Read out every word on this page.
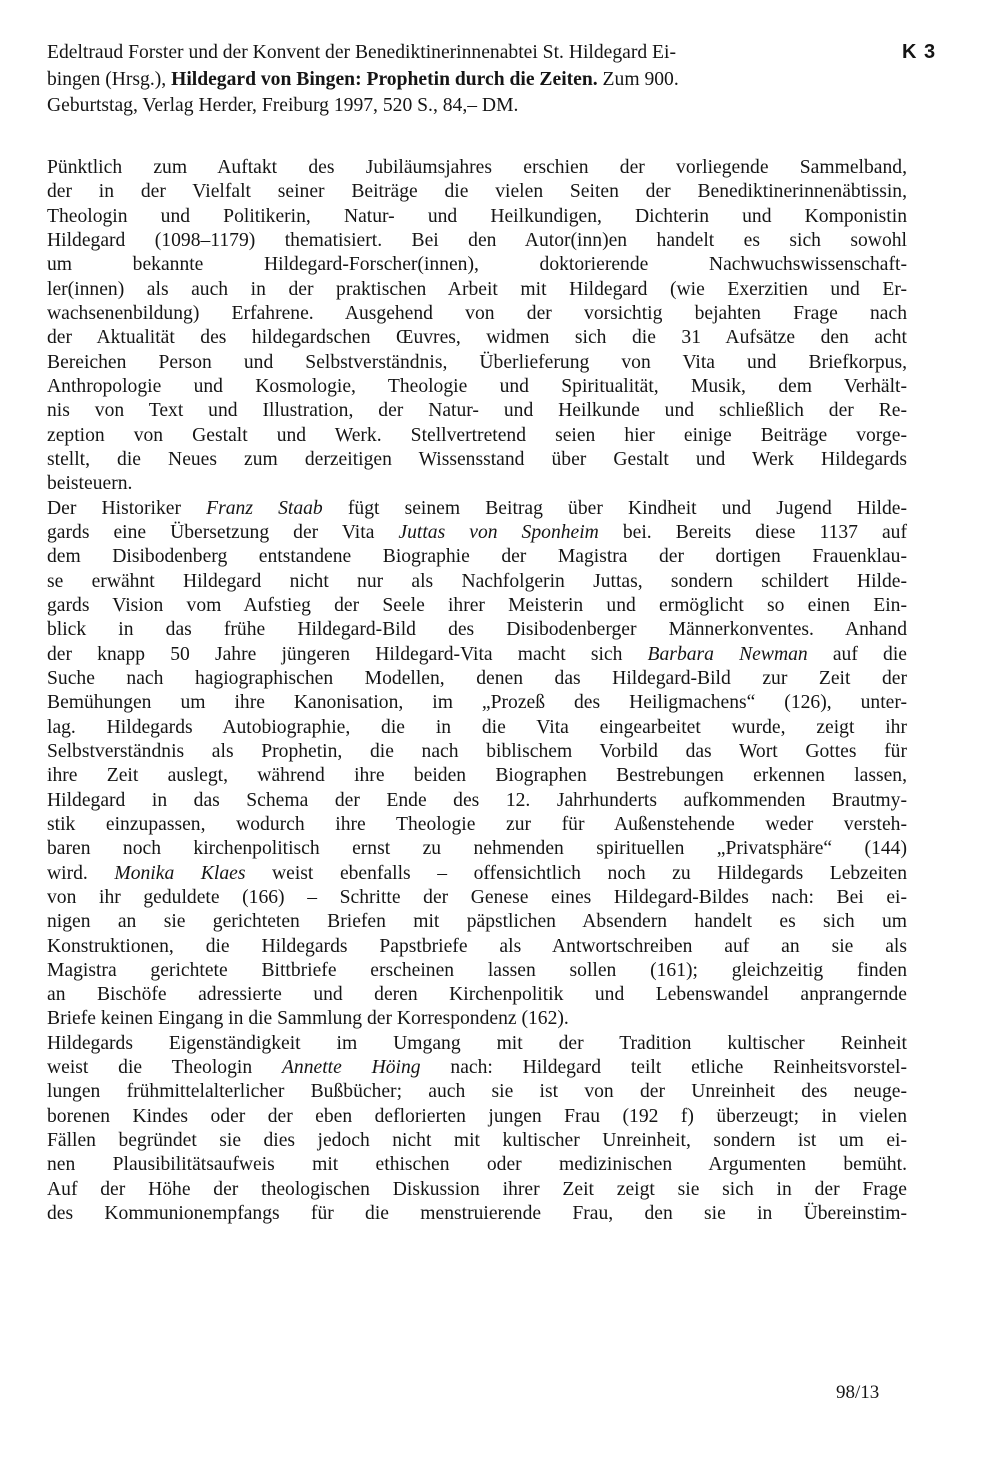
Edeltraud Forster und der Konvent der Benediktinerinnenabtei St. Hildegard Ei-
bingen (Hrsg.), Hildegard von Bingen: Prophetin durch die Zeiten. Zum 900.
Geburtstag, Verlag Herder, Freiburg 1997, 520 S., 84,– DM.
K 3
Pünktlich zum Auftakt des Jubiläumsjahres erschien der vorliegende Sammelband,
der in der Vielfalt seiner Beiträge die vielen Seiten der Benediktinerinnenäbtissin,
Theologin und Politikerin, Natur- und Heilkundigen, Dichterin und Komponistin
Hildegard (1098–1179) thematisiert. Bei den Autor(inn)en handelt es sich sowohl
um bekannte Hildegard-Forscher(innen), doktorierende Nachwuchswissenschaft-
ler(innen) als auch in der praktischen Arbeit mit Hildegard (wie Exerzitien und Er-
wachsenenbildung) Erfahrene. Ausgehend von der vorsichtig bejahten Frage nach
der Aktualität des hildegardschen Œuvres, widmen sich die 31 Aufsätze den acht
Bereichen Person und Selbstverständnis, Überlieferung von Vita und Briefkorpus,
Anthropologie und Kosmologie, Theologie und Spiritualität, Musik, dem Verhält-
nis von Text und Illustration, der Natur- und Heilkunde und schließlich der Re-
zeption von Gestalt und Werk. Stellvertretend seien hier einige Beiträge vorge-
stellt, die Neues zum derzeitigen Wissensstand über Gestalt und Werk Hildegards
beisteuern.
Der Historiker Franz Staab fügt seinem Beitrag über Kindheit und Jugend Hilde-
gards eine Übersetzung der Vita Juttas von Sponheim bei. Bereits diese 1137 auf
dem Disibodenberg entstandene Biographie der Magistra der dortigen Frauenklau-
se erwähnt Hildegard nicht nur als Nachfolgerin Juttas, sondern schildert Hilde-
gards Vision vom Aufstieg der Seele ihrer Meisterin und ermöglicht so einen Ein-
blick in das frühe Hildegard-Bild des Disibodenberger Männerkonventes. Anhand
der knapp 50 Jahre jüngeren Hildegard-Vita macht sich Barbara Newman auf die
Suche nach hagiographischen Modellen, denen das Hildegard-Bild zur Zeit der
Bemühungen um ihre Kanonisation, im „Prozeß des Heiligmachens“ (126), unter-
lag. Hildegards Autobiographie, die in die Vita eingearbeitet wurde, zeigt ihr
Selbstverständnis als Prophetin, die nach biblischem Vorbild das Wort Gottes für
ihre Zeit auslegt, während ihre beiden Biographen Bestrebungen erkennen lassen,
Hildegard in das Schema der Ende des 12. Jahrhunderts aufkommenden Brautmy-
stik einzupassen, wodurch ihre Theologie zur für Außenstehende weder versteh-
baren noch kirchenpolitisch ernst zu nehmenden spirituellen „Privatsphäre“ (144)
wird. Monika Klaes weist ebenfalls – offensichtlich noch zu Hildegards Lebzeiten
von ihr geduldete (166) – Schritte der Genese eines Hildegard-Bildes nach: Bei ei-
nigen an sie gerichteten Briefen mit päpstlichen Absendern handelt es sich um
Konstruktionen, die Hildegards Papstbriefe als Antwortschreiben auf an sie als
Magistra gerichtete Bittbriefe erscheinen lassen sollen (161); gleichzeitig finden
an Bischöfe adressierte und deren Kirchenpolitik und Lebenswandel anprangernde
Briefe keinen Eingang in die Sammlung der Korrespondenz (162).
Hildegards Eigenständigkeit im Umgang mit der Tradition kultischer Reinheit
weist die Theologin Annette Höing nach: Hildegard teilt etliche Reinheitsvorstel-
lungen frühmittelalterlicher Bußbücher; auch sie ist von der Unreinheit des neuge-
borenen Kindes oder der eben deflorierten jungen Frau (192 f) überzeugt; in vielen
Fällen begründet sie dies jedoch nicht mit kultischer Unreinheit, sondern ist um ei-
nen Plausibilitätsaufweis mit ethischen oder medizinischen Argumenten bemüht.
Auf der Höhe der theologischen Diskussion ihrer Zeit zeigt sie sich in der Frage
des Kommunionempfangs für die menstruierende Frau, den sie in Übereinstim-
98/13
